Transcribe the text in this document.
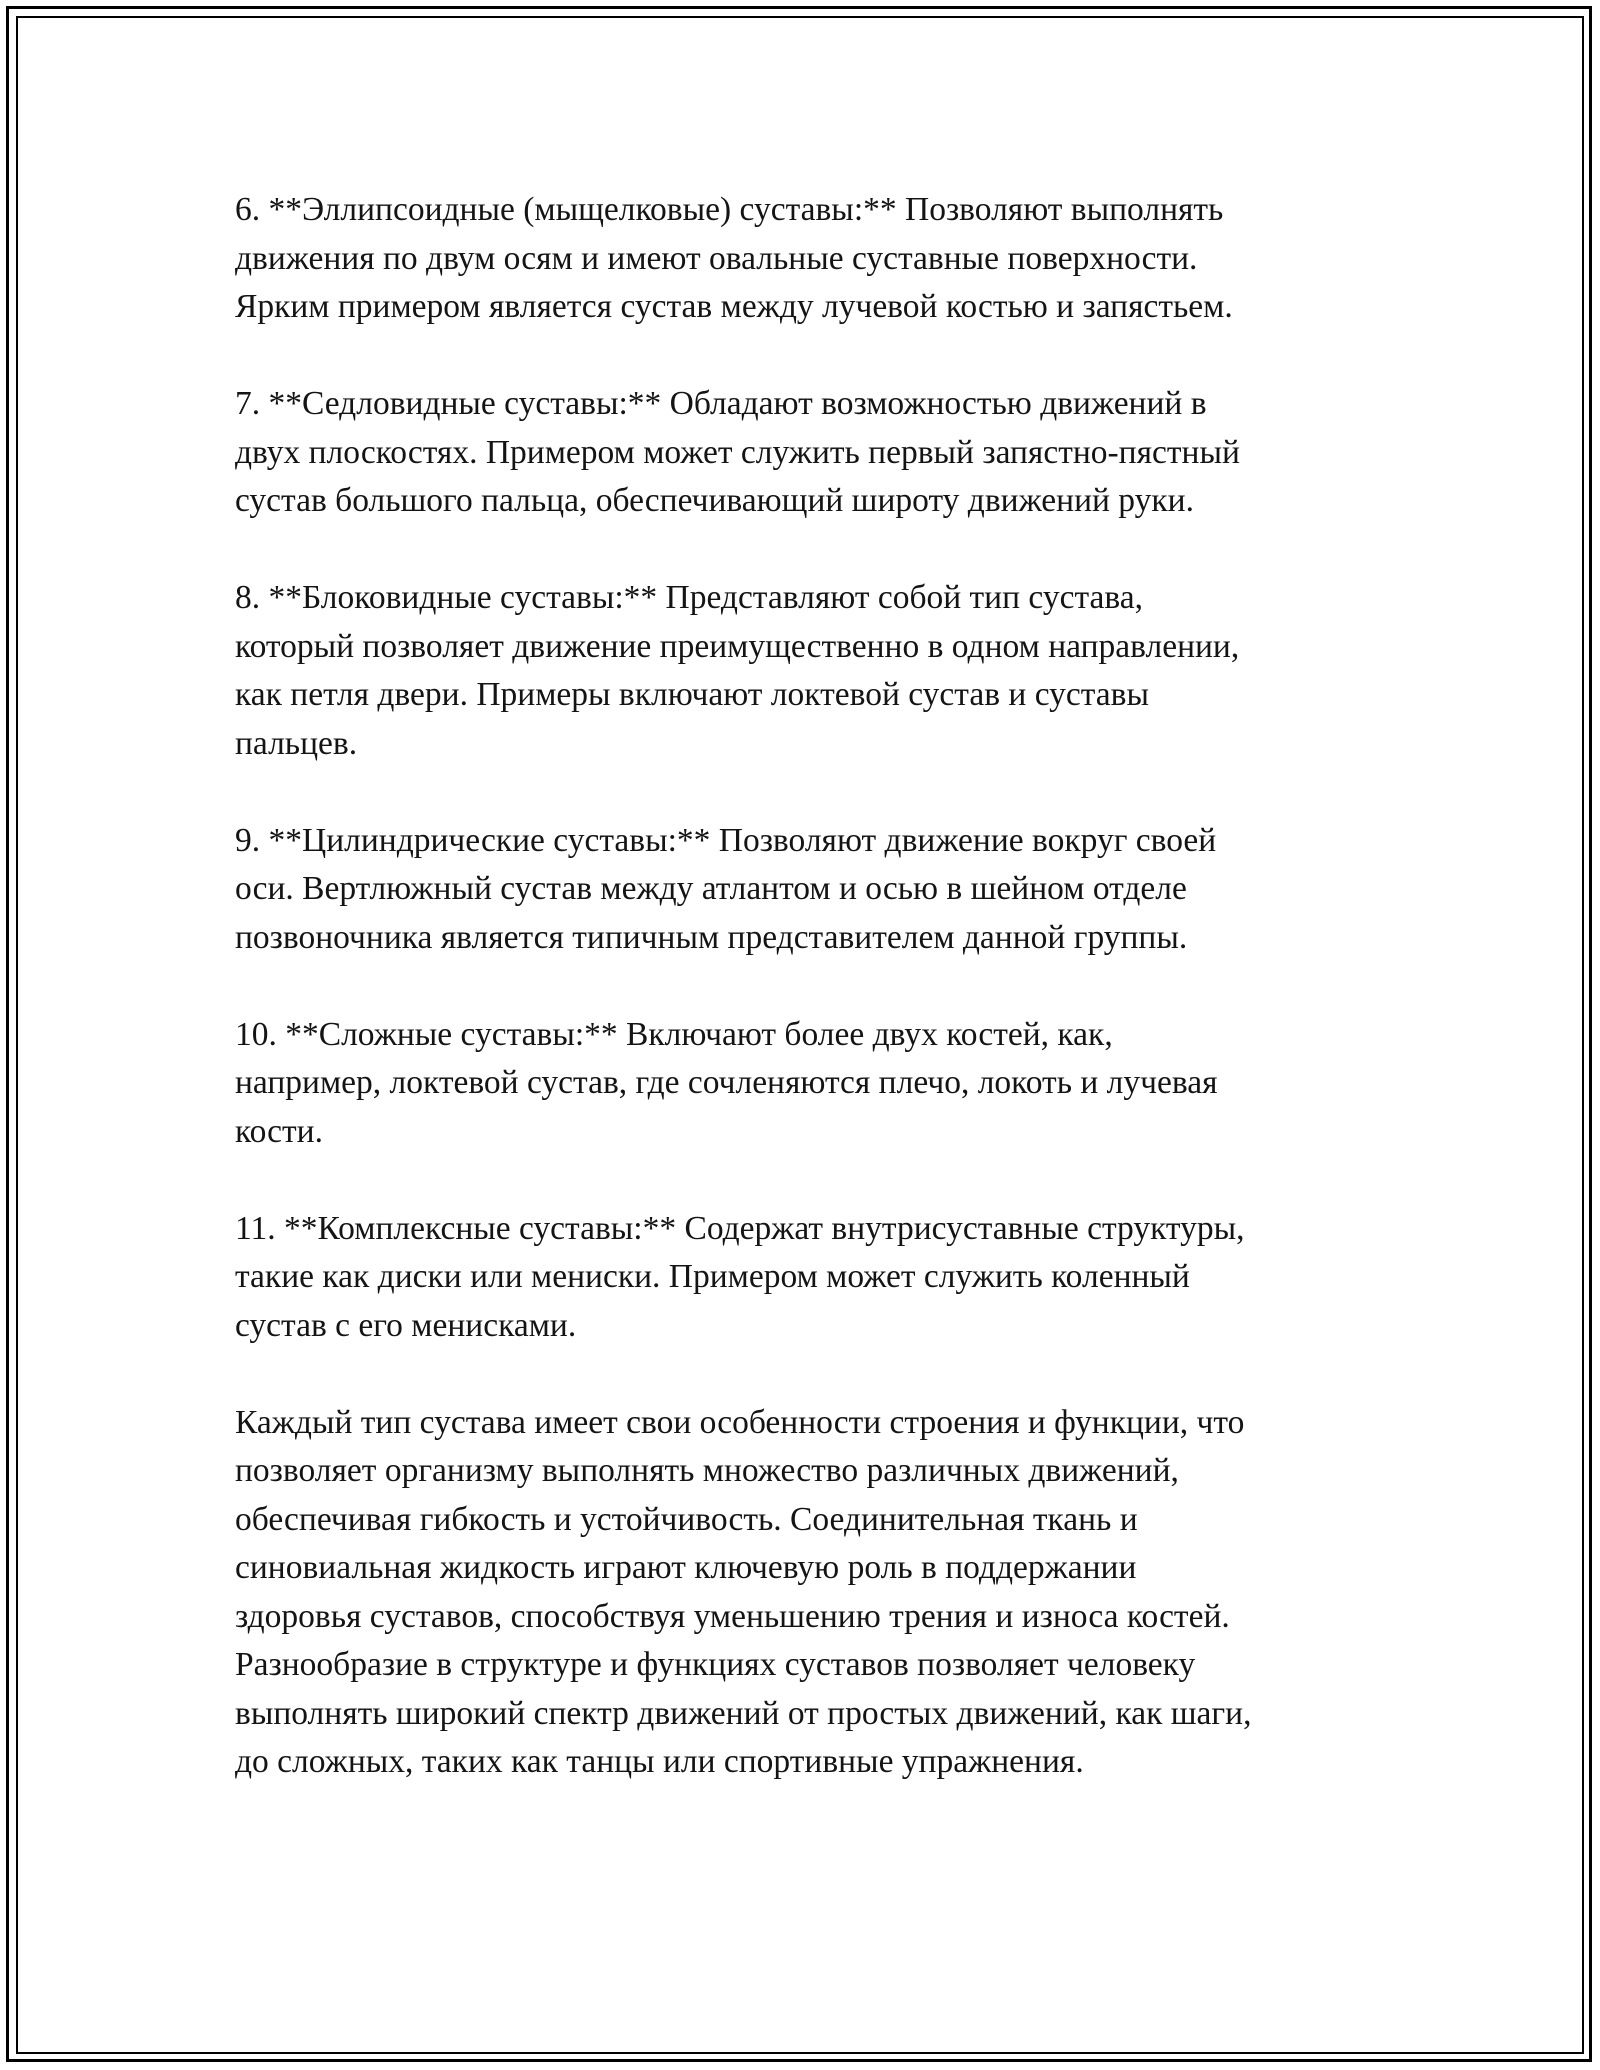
6. **Эллипсоидные (мыщелковые) суставы:** Позволяют выполнять
движения по двум осям и имеют овальные суставные поверхности.
Ярким примером является сустав между лучевой костью и запястьем.

7. **Седловидные суставы:** Обладают возможностью движений в
двух плоскостях. Примером может служить первый запястно-пястный
сустав большого пальца, обеспечивающий широту движений руки.

8. **Блоковидные суставы:** Представляют собой тип сустава,
который позволяет движение преимущественно в одном направлении,
как петля двери. Примеры включают локтевой сустав и суставы
пальцев.

9. **Цилиндрические суставы:** Позволяют движение вокруг своей
оси. Вертлюжный сустав между атлантом и осью в шейном отделе
позвоночника является типичным представителем данной группы.

10. **Сложные суставы:** Включают более двух костей, как,
например, локтевой сустав, где сочленяются плечо, локоть и лучевая
кости.

11. **Комплексные суставы:** Содержат внутрисуставные структуры,
такие как диски или мениски. Примером может служить коленный
сустав с его менисками.

Каждый тип сустава имеет свои особенности строения и функции, что
позволяет организму выполнять множество различных движений,
обеспечивая гибкость и устойчивость. Соединительная ткань и
синовиальная жидкость играют ключевую роль в поддержании
здоровья суставов, способствуя уменьшению трения и износа костей.
Разнообразие в структуре и функциях суставов позволяет человеку
выполнять широкий спектр движений от простых движений, как шаги,
до сложных, таких как танцы или спортивные упражнения.
